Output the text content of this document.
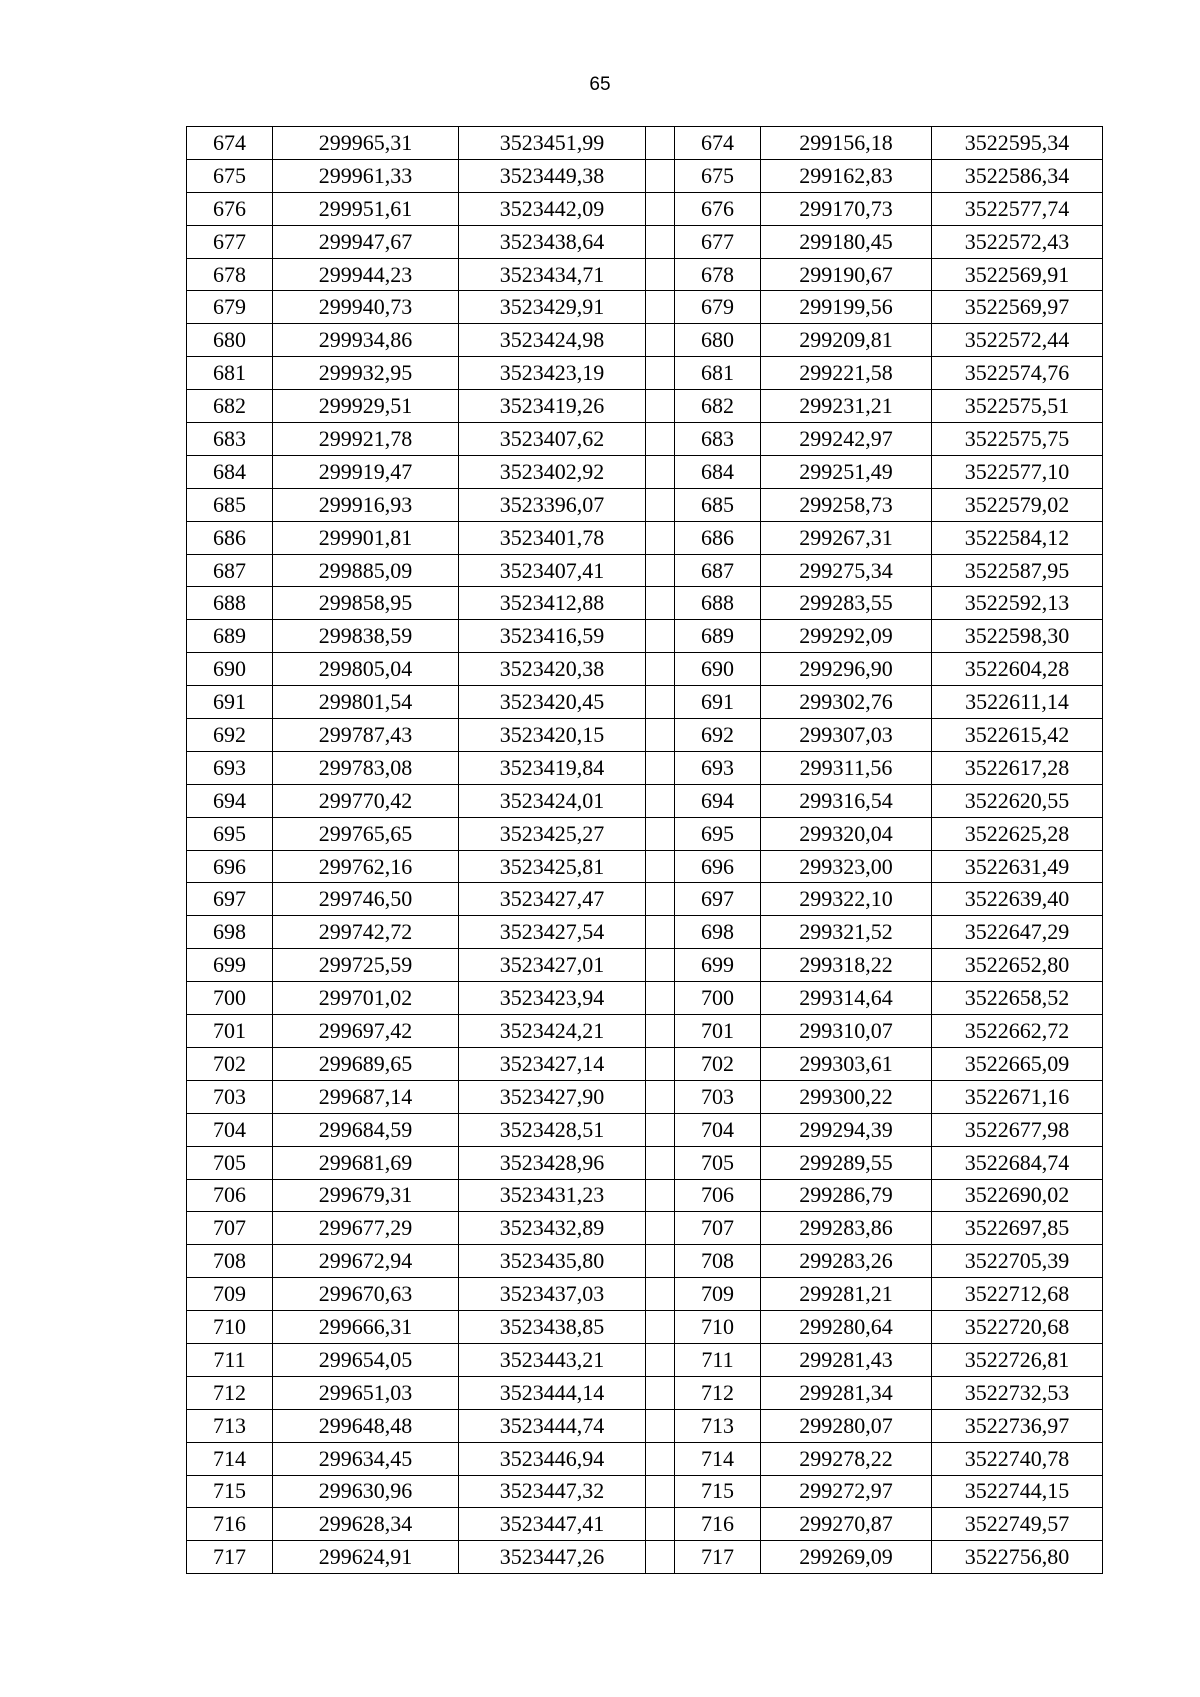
65
674	299965,31	3523451,99		674	299156,18	3522595,34
675	299961,33	3523449,38		675	299162,83	3522586,34
676	299951,61	3523442,09		676	299170,73	3522577,74
677	299947,67	3523438,64		677	299180,45	3522572,43
678	299944,23	3523434,71		678	299190,67	3522569,91
679	299940,73	3523429,91		679	299199,56	3522569,97
680	299934,86	3523424,98		680	299209,81	3522572,44
681	299932,95	3523423,19		681	299221,58	3522574,76
682	299929,51	3523419,26		682	299231,21	3522575,51
683	299921,78	3523407,62		683	299242,97	3522575,75
684	299919,47	3523402,92		684	299251,49	3522577,10
685	299916,93	3523396,07		685	299258,73	3522579,02
686	299901,81	3523401,78		686	299267,31	3522584,12
687	299885,09	3523407,41		687	299275,34	3522587,95
688	299858,95	3523412,88		688	299283,55	3522592,13
689	299838,59	3523416,59		689	299292,09	3522598,30
690	299805,04	3523420,38		690	299296,90	3522604,28
691	299801,54	3523420,45		691	299302,76	3522611,14
692	299787,43	3523420,15		692	299307,03	3522615,42
693	299783,08	3523419,84		693	299311,56	3522617,28
694	299770,42	3523424,01		694	299316,54	3522620,55
695	299765,65	3523425,27		695	299320,04	3522625,28
696	299762,16	3523425,81		696	299323,00	3522631,49
697	299746,50	3523427,47		697	299322,10	3522639,40
698	299742,72	3523427,54		698	299321,52	3522647,29
699	299725,59	3523427,01		699	299318,22	3522652,80
700	299701,02	3523423,94		700	299314,64	3522658,52
701	299697,42	3523424,21		701	299310,07	3522662,72
702	299689,65	3523427,14		702	299303,61	3522665,09
703	299687,14	3523427,90		703	299300,22	3522671,16
704	299684,59	3523428,51		704	299294,39	3522677,98
705	299681,69	3523428,96		705	299289,55	3522684,74
706	299679,31	3523431,23		706	299286,79	3522690,02
707	299677,29	3523432,89		707	299283,86	3522697,85
708	299672,94	3523435,80		708	299283,26	3522705,39
709	299670,63	3523437,03		709	299281,21	3522712,68
710	299666,31	3523438,85		710	299280,64	3522720,68
711	299654,05	3523443,21		711	299281,43	3522726,81
712	299651,03	3523444,14		712	299281,34	3522732,53
713	299648,48	3523444,74		713	299280,07	3522736,97
714	299634,45	3523446,94		714	299278,22	3522740,78
715	299630,96	3523447,32		715	299272,97	3522744,15
716	299628,34	3523447,41		716	299270,87	3522749,57
717	299624,91	3523447,26		717	299269,09	3522756,80
